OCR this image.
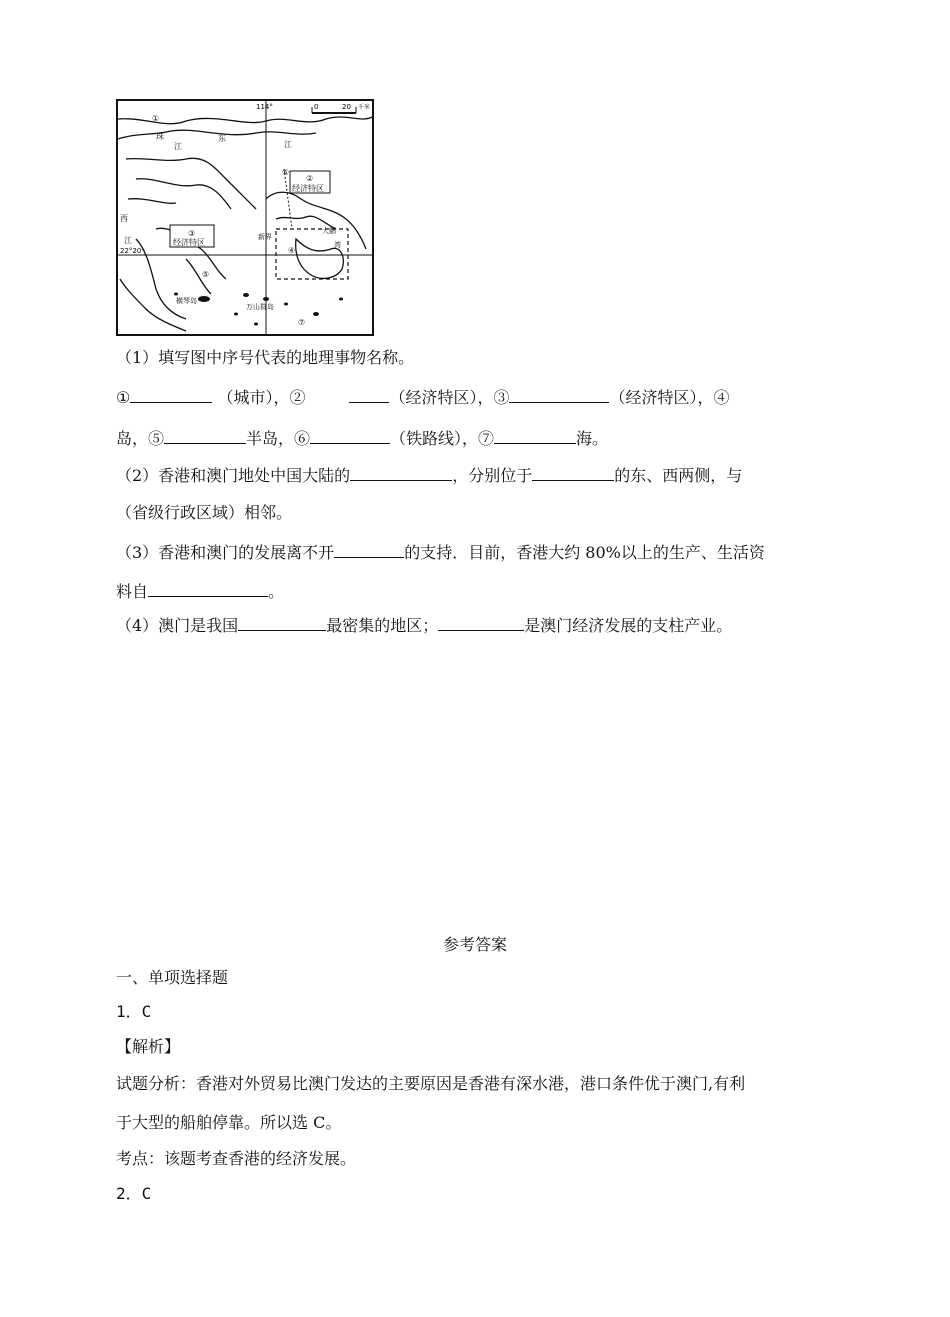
114°
22°20'
0	20 千米
②
经济特区
③
经济特区
①
⑥
④
⑤
⑦
珠
江
东
江
西
江	新界
大鹏
湾
横琴岛
万山群岛
（1）填写图中序号代表的地理事物名称。
①	（城市），②	（经济特区），③	（经济特区），④
岛，⑤	半岛，⑥	（铁路线），⑦	海。
（2）香港和澳门地处中国大陆的	，分别位于	的东、西两侧，与
（省级行政区域）相邻。
（3）香港和澳门的发展离不开	的支持．目前，香港大约 80%以上的生产、生活资
料自	。
（4）澳门是我国	最密集的地区；	是澳门经济发展的支柱产业。
参考答案
一、单项选择题
1．C
【解析】
试题分析：香港对外贸易比澳门发达的主要原因是香港有深水港，港口条件优于澳门,有利
于大型的船舶停靠。所以选 C。
考点：该题考查香港的经济发展。
2．C
